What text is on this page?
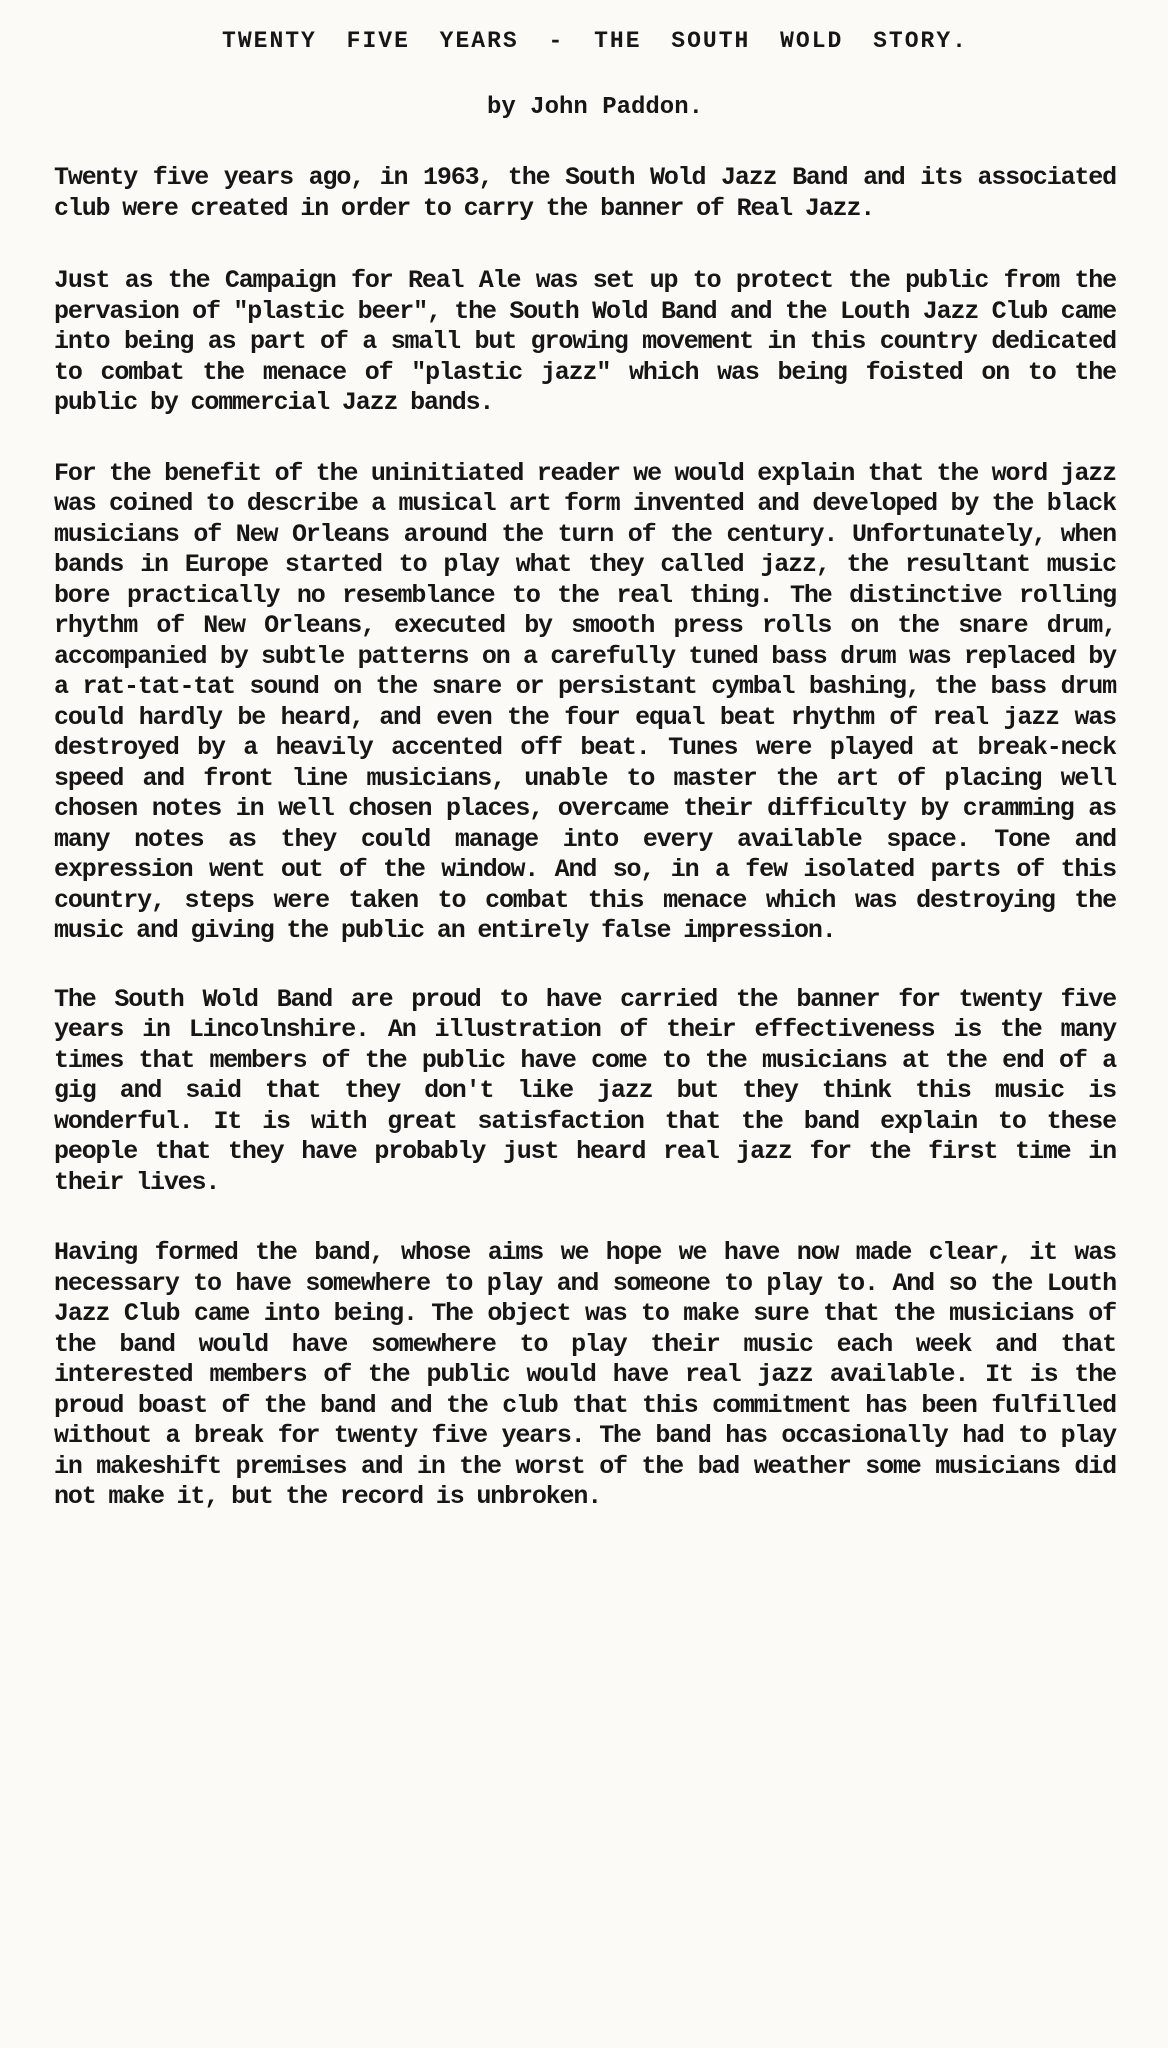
TWENTY FIVE YEARS - THE SOUTH WOLD STORY.
by John Paddon.
Twenty five years ago, in 1963, the South Wold Jazz Band and its associated club were created in order to carry the banner of Real Jazz.
Just as the Campaign for Real Ale was set up to protect the public from the pervasion of "plastic beer", the South Wold Band and the Louth Jazz Club came into being as part of a small but growing movement in this country dedicated to combat the menace of "plastic jazz" which was being foisted on to the public by commercial Jazz bands.
For the benefit of the uninitiated reader we would explain that the word jazz was coined to describe a musical art form invented and developed by the black musicians of New Orleans around the turn of the century. Unfortunately, when bands in Europe started to play what they called jazz, the resultant music bore practically no resemblance to the real thing. The distinctive rolling rhythm of New Orleans, executed by smooth press rolls on the snare drum, accompanied by subtle patterns on a carefully tuned bass drum was replaced by a rat-tat-tat sound on the snare or persistant cymbal bashing, the bass drum could hardly be heard, and even the four equal beat rhythm of real jazz was destroyed by a heavily accented off beat. Tunes were played at break-neck speed and front line musicians, unable to master the art of placing well chosen notes in well chosen places, overcame their difficulty by cramming as many notes as they could manage into every available space. Tone and expression went out of the window. And so, in a few isolated parts of this country, steps were taken to combat this menace which was destroying the music and giving the public an entirely false impression.
The South Wold Band are proud to have carried the banner for twenty five years in Lincolnshire. An illustration of their effectiveness is the many times that members of the public have come to the musicians at the end of a gig and said that they don't like jazz but they think this music is wonderful. It is with great satisfaction that the band explain to these people that they have probably just heard real jazz for the first time in their lives.
Having formed the band, whose aims we hope we have now made clear, it was necessary to have somewhere to play and someone to play to. And so the Louth Jazz Club came into being. The object was to make sure that the musicians of the band would have somewhere to play their music each week and that interested members of the public would have real jazz available. It is the proud boast of the band and the club that this commitment has been fulfilled without a break for twenty five years. The band has occasionally had to play in makeshift premises and in the worst of the bad weather some musicians did not make it, but the record is unbroken.
